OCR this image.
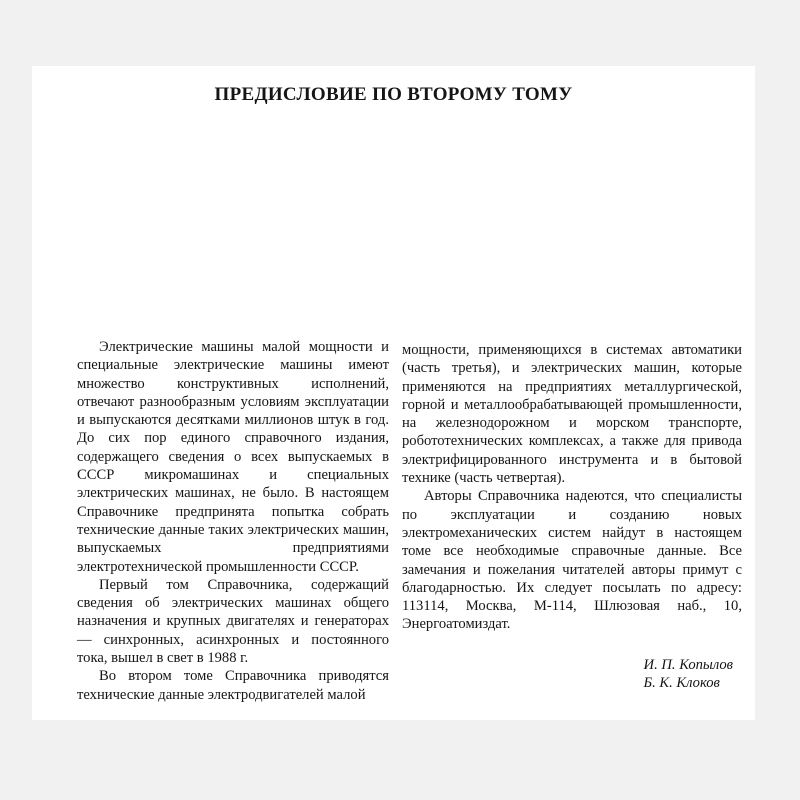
ПРЕДИСЛОВИЕ ПО ВТОРОМУ ТОМУ

Электрические машины малой мощности и специальные электрические машины имеют множество конструктивных исполнений, отвечают разнообразным условиям эксплуатации и выпускаются десятками миллионов штук в год. До сих пор единого справочного издания, содержащего сведения о всех выпускаемых в СССР микромашинах и специальных электрических машинах, не было. В настоящем Справочнике предпринята попытка собрать технические данные таких электрических машин, выпускаемых предприятиями электротехнической промышленности СССР.

Первый том Справочника, содержащий сведения об электрических машинах общего назначения и крупных двигателях и генераторах — синхронных, асинхронных и постоянного тока, вышел в свет в 1988 г.

Во втором томе Справочника приводятся технические данные электродвигателей малой

мощности, применяющихся в системах автоматики (часть третья), и электрических машин, которые применяются на предприятиях металлургической, горной и металлообрабатывающей промышленности, на железнодорожном и морском транспорте, робототехнических комплексах, а также для привода электрифицированного инструмента и в бытовой технике (часть четвертая).

Авторы Справочника надеются, что специалисты по эксплуатации и созданию новых электромеханических систем найдут в настоящем томе все необходимые справочные данные. Все замечания и пожелания читателей авторы примут с благодарностью. Их следует посылать по адресу: 113114, Москва, М-114, Шлюзовая наб., 10, Энергоатомиздат.

И. П. Копылов
Б. К. Клоков
